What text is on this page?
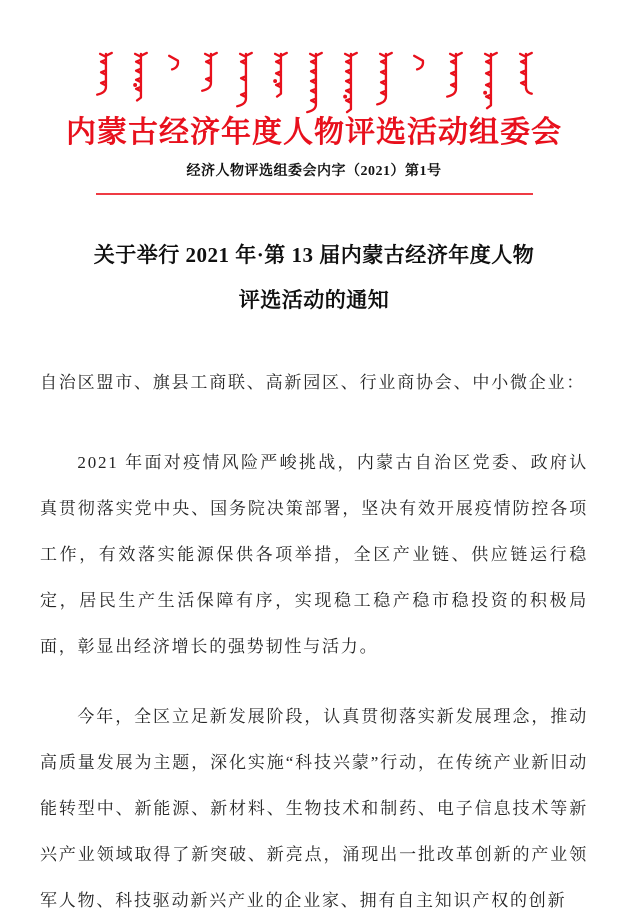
内蒙古经济年度人物评选活动组委会
经济人物评选组委会内字（2021）第1号
关于举行 2021 年·第 13 届内蒙古经济年度人物
评选活动的通知
自治区盟市、旗县工商联、高新园区、行业商协会、中小微企业：

2021 年面对疫情风险严峻挑战，内蒙古自治区党委、政府认真贯彻落实党中央、国务院决策部署，坚决有效开展疫情防控各项工作，有效落实能源保供各项举措，全区产业链、供应链运行稳定，居民生产生活保障有序，实现稳工稳产稳市稳投资的积极局面，彰显出经济增长的强势韧性与活力。

今年，全区立足新发展阶段，认真贯彻落实新发展理念，推动高质量发展为主题，深化实施“科技兴蒙”行动，在传统产业新旧动能转型中、新能源、新材料、生物技术和制药、电子信息技术等新兴产业领域取得了新突破、新亮点，涌现出一批改革创新的产业领军人物、科技驱动新兴产业的企业家、拥有自主知识产权的创新
